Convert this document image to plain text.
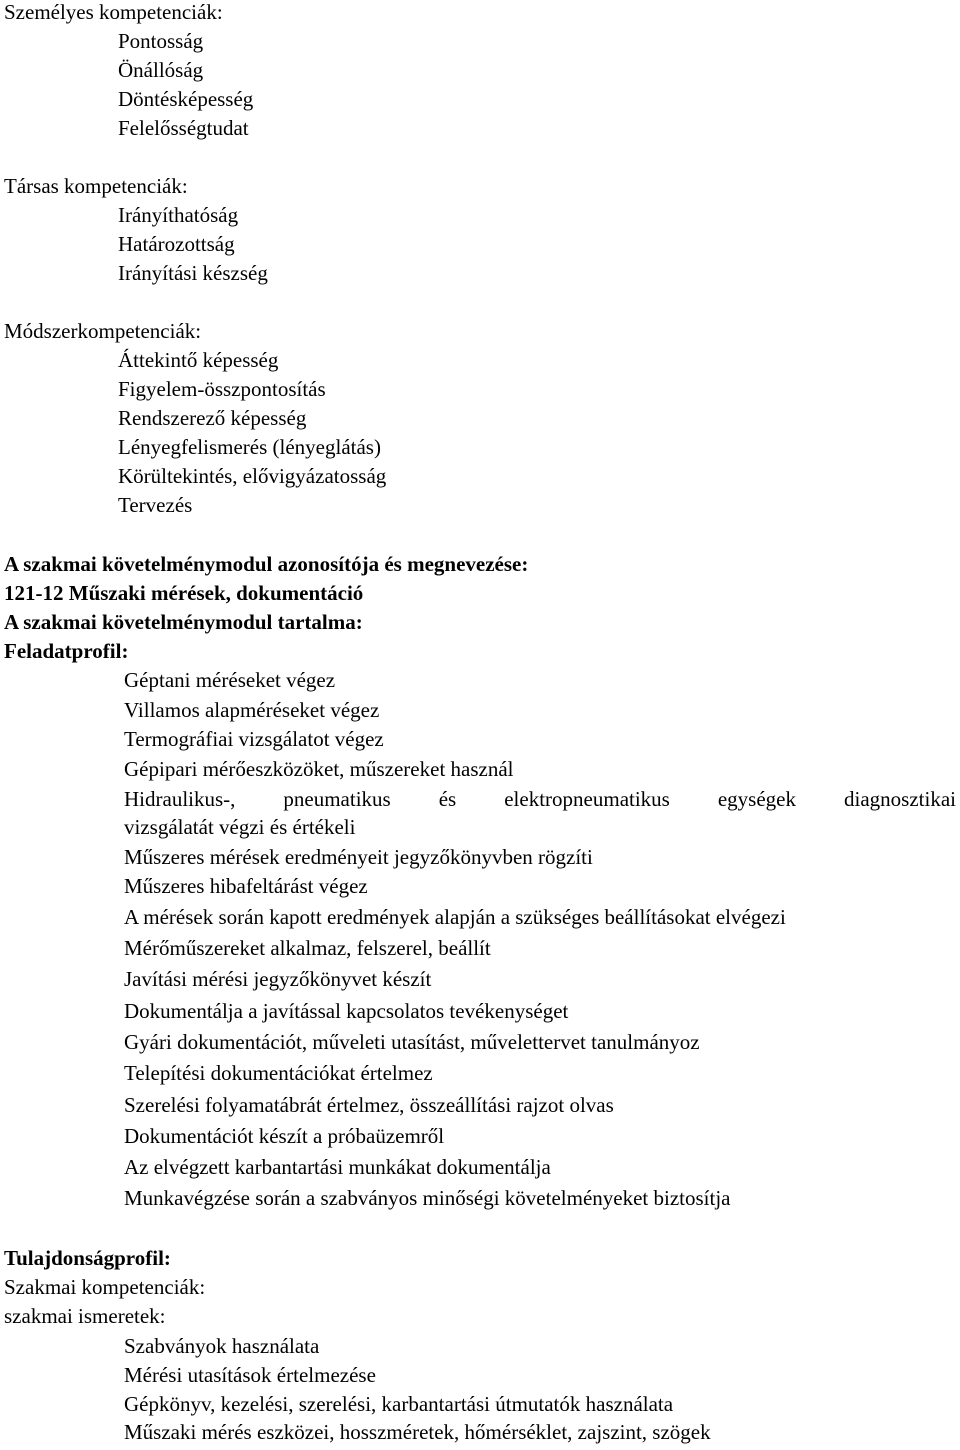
Személyes kompetenciák:
Pontosság
Önállóság
Döntésképesség
Felelősségtudat
Társas kompetenciák:
Irányíthatóság
Határozottság
Irányítási készség
Módszerkompetenciák:
Áttekintő képesség
Figyelem-összpontosítás
Rendszerező képesség
Lényegfelismerés (lényeglátás)
Körültekintés, elővigyázatosság
Tervezés
A szakmai követelménymodul azonosítója és megnevezése:
121-12 Műszaki mérések, dokumentáció
A szakmai követelménymodul tartalma:
Feladatprofil:
Géptani méréseket végez
Villamos alapméréseket végez
Termográfiai vizsgálatot végez
Gépipari mérőeszközöket, műszereket használ
Hidraulikus-, pneumatikus és elektropneumatikus egységek diagnosztikai
vizsgálatát végzi és értékeli
Műszeres mérések eredményeit jegyzőkönyvben rögzíti
Műszeres hibafeltárást végez
A mérések során kapott eredmények alapján a szükséges beállításokat elvégezi
Mérőműszereket alkalmaz, felszerel, beállít
Javítási mérési jegyzőkönyvet készít
Dokumentálja a javítással kapcsolatos tevékenységet
Gyári dokumentációt, műveleti utasítást, művelettervet tanulmányoz
Telepítési dokumentációkat értelmez
Szerelési folyamatábrát értelmez, összeállítási rajzot olvas
Dokumentációt készít a próbaüzemről
Az elvégzett karbantartási munkákat dokumentálja
Munkavégzése során a szabványos minőségi követelményeket biztosítja
Tulajdonságprofil:
Szakmai kompetenciák:
szakmai ismeretek:
Szabványok használata
Mérési utasítások értelmezése
Gépkönyv, kezelési, szerelési, karbantartási útmutatók használata
Műszaki mérés eszközei, hosszméretek, hőmérséklet, zajszint, szögek
